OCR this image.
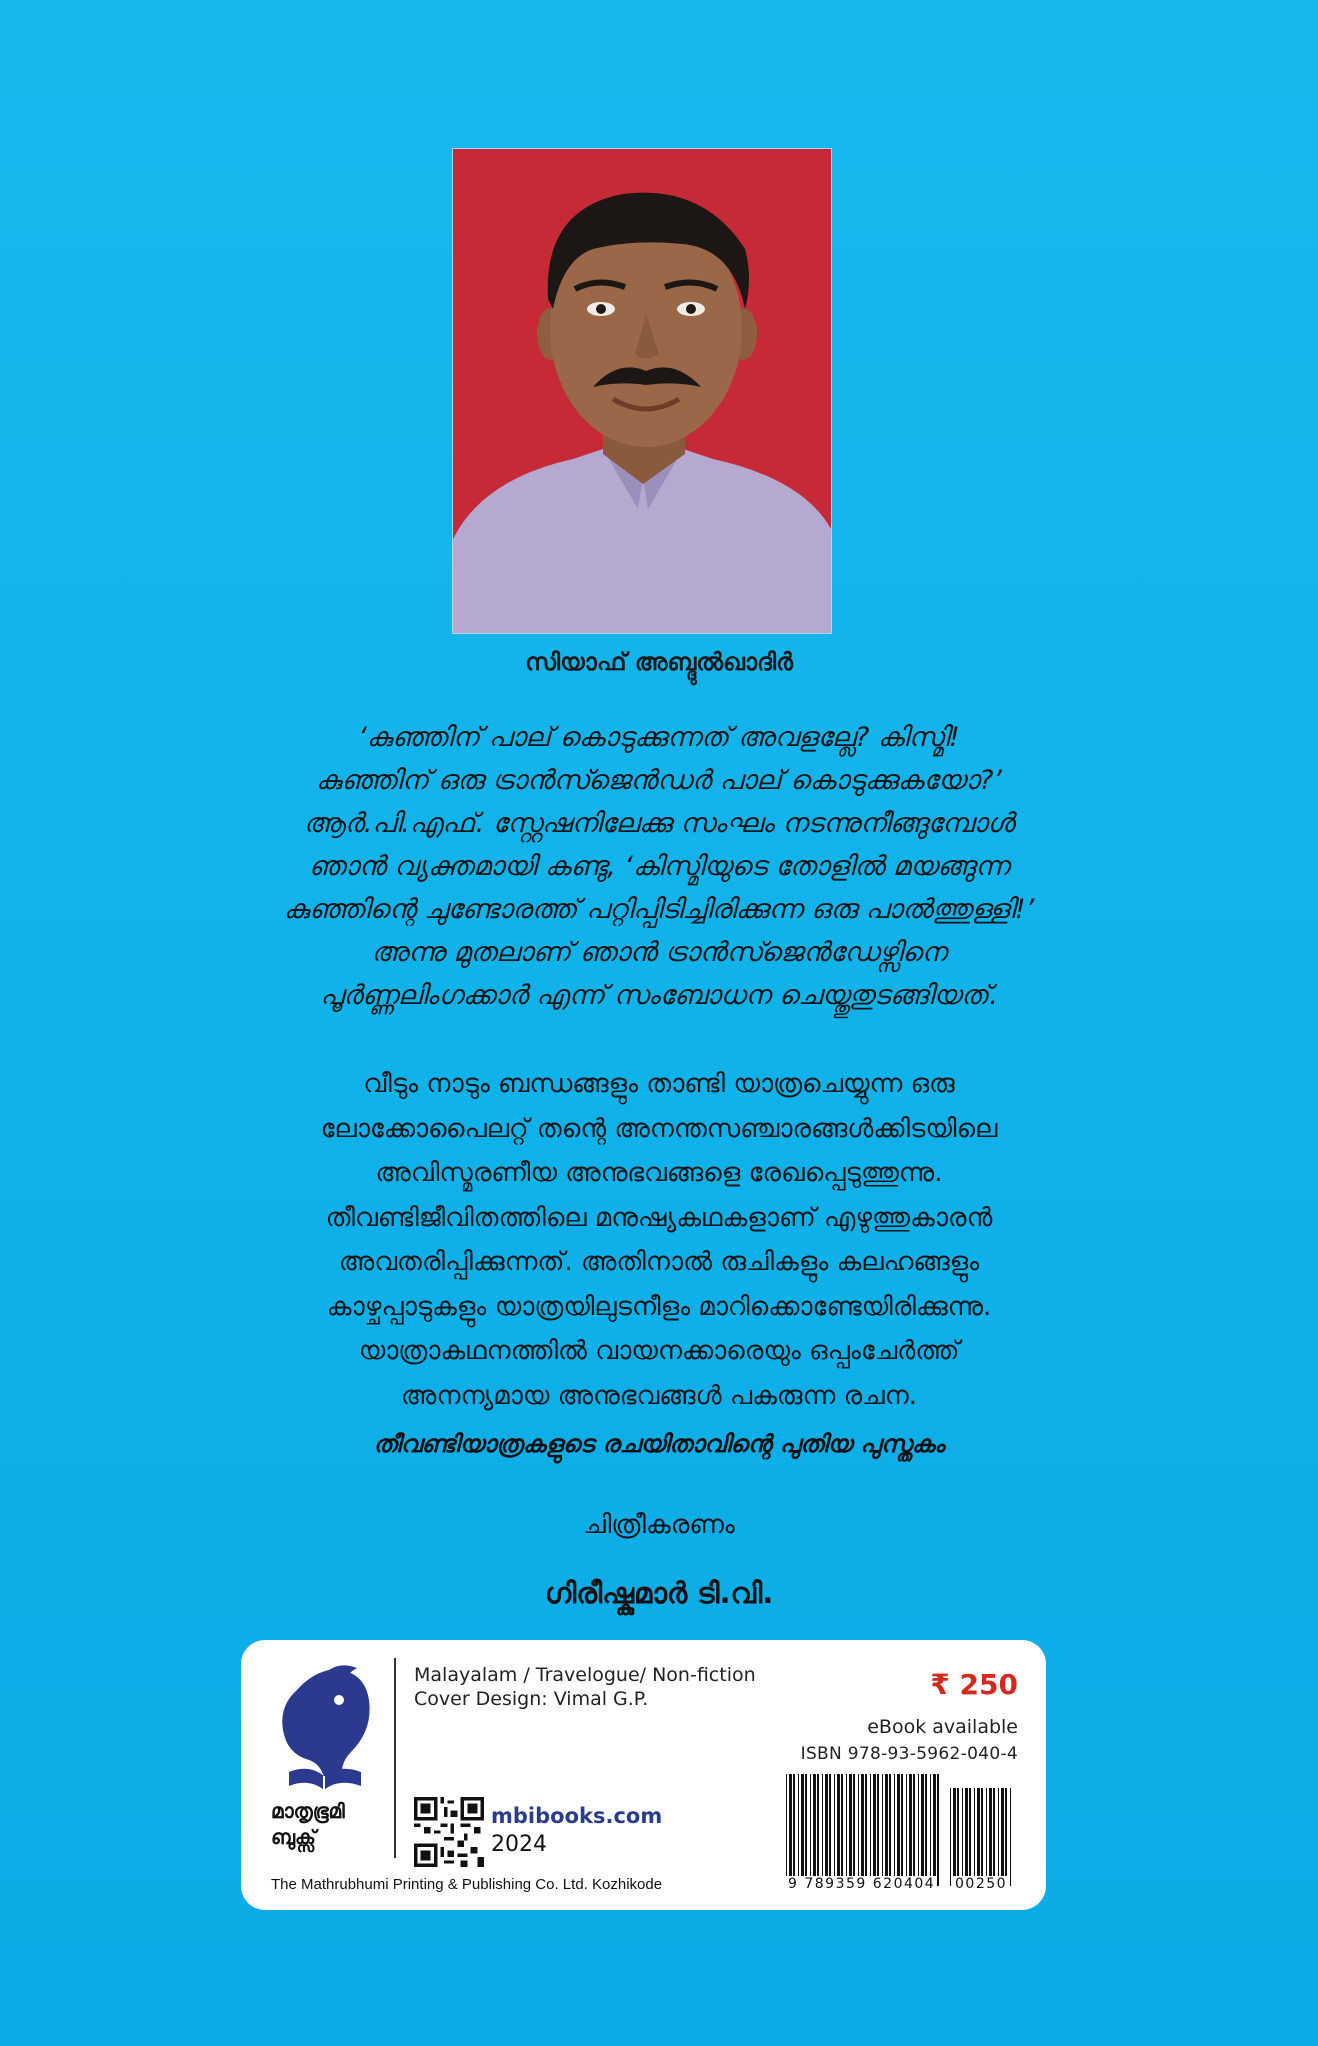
സിയാഫ് അബ്ദുൽഖാദിർ
‘കുഞ്ഞിന് പാല് കൊടുക്കുന്നത് അവളല്ലേ? കിസ്മി!
കുഞ്ഞിന് ഒരു ട്രാൻസ്ജെൻഡർ പാല് കൊടുക്കുകയോ?’
ആർ.പി.എഫ്. സ്റ്റേഷനിലേക്കു സംഘം നടന്നുനീങ്ങുമ്പോൾ
ഞാൻ വ്യക്തമായി കണ്ടു, ‘കിസ്മിയുടെ തോളിൽ മയങ്ങുന്ന
കുഞ്ഞിന്റെ ചുണ്ടോരത്ത് പറ്റിപ്പിടിച്ചിരിക്കുന്ന ഒരു പാൽത്തുള്ളി!’
അന്നു മുതലാണ് ഞാൻ ട്രാൻസ്ജെൻഡേഴ്സിനെ
പൂർണ്ണലിംഗക്കാർ എന്ന് സംബോധന ചെയ്തുതുടങ്ങിയത്.
വീടും നാടും ബന്ധങ്ങളും താണ്ടി യാത്രചെയ്യുന്ന ഒരു
ലോക്കോപൈലറ്റ് തന്റെ അനന്തസഞ്ചാരങ്ങൾക്കിടയിലെ
അവിസ്മരണീയ അനുഭവങ്ങളെ രേഖപ്പെടുത്തുന്നു.
തീവണ്ടിജീവിതത്തിലെ മനുഷ്യകഥകളാണ് എഴുത്തുകാരൻ
അവതരിപ്പിക്കുന്നത്. അതിനാൽ രുചികളും കലഹങ്ങളും
കാഴ്ചപ്പാടുകളും യാത്രയിലുടനീളം മാറിക്കൊണ്ടേയിരിക്കുന്നു.
യാത്രാകഥനത്തിൽ വായനക്കാരെയും ഒപ്പംചേർത്ത്
അനന്യമായ അനുഭവങ്ങൾ പകരുന്ന രചന.
തീവണ്ടിയാത്രകളുടെ രചയിതാവിന്റെ പുതിയ പുസ്തകം
ചിത്രീകരണം
ഗിരീഷ്കുമാർ ടി.വി.
മാതൃഭൂമി
ബുക്സ്
Malayalam / Travelogue/ Non-fiction
Cover Design: Vimal G.P.	₹ 250
eBook available
ISBN 978-93-5962-040-4
mbibooks.com
2024
The Mathrubhumi Printing & Publishing Co. Ltd. Kozhikode	9 789359 620404 00250
